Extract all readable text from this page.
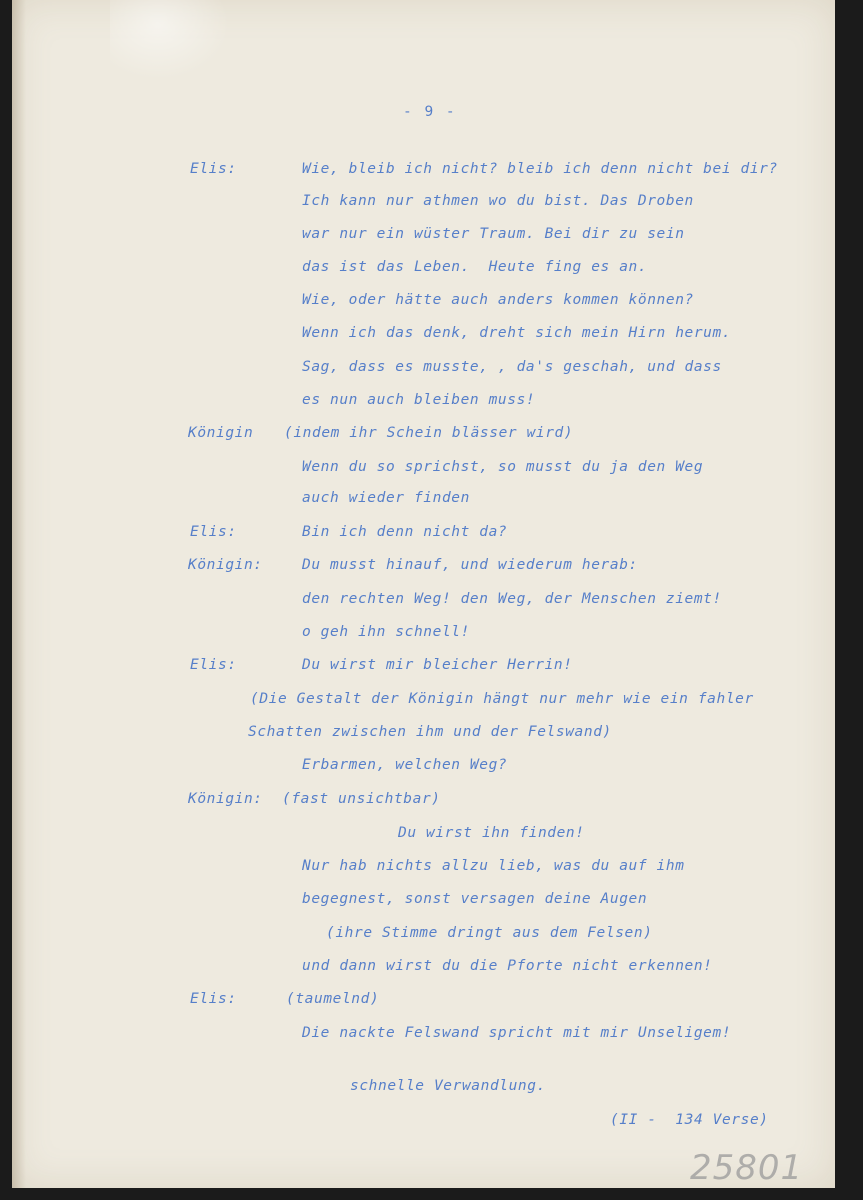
- 9 -
Elis:	Wie, bleib ich nicht? bleib ich denn nicht bei dir?
Ich kann nur athmen wo du bist. Das Droben
war nur ein wüster Traum. Bei dir zu sein
das ist das Leben.  Heute fing es an.
Wie, oder hätte auch anders kommen können?
Wenn ich das denk, dreht sich mein Hirn herum.
Sag, dass es musste, , da's geschah, und dass
es nun auch bleiben muss!
Königin (indem ihr Schein blässer wird)
Wenn du so sprichst, so musst du ja den Weg
auch wieder finden
Elis:	Bin ich denn nicht da?
Königin:	Du musst hinauf, und wiederum herab:
den rechten Weg! den Weg, der Menschen ziemt!
o geh ihn schnell!
Elis:	Du wirst mir bleicher Herrin!
(Die Gestalt der Königin hängt nur mehr wie ein fahler
Schatten zwischen ihm und der Felswand)
Erbarmen, welchen Weg?
Königin: (fast unsichtbar)
Du wirst ihn finden!
Nur hab nichts allzu lieb, was du auf ihm
begegnest, sonst versagen deine Augen
(ihre Stimme dringt aus dem Felsen)
und dann wirst du die Pforte nicht erkennen!
Elis:	(taumelnd)
Die nackte Felswand spricht mit mir Unseligem!
schnelle Verwandlung.
(II -  134 Verse)
25801
